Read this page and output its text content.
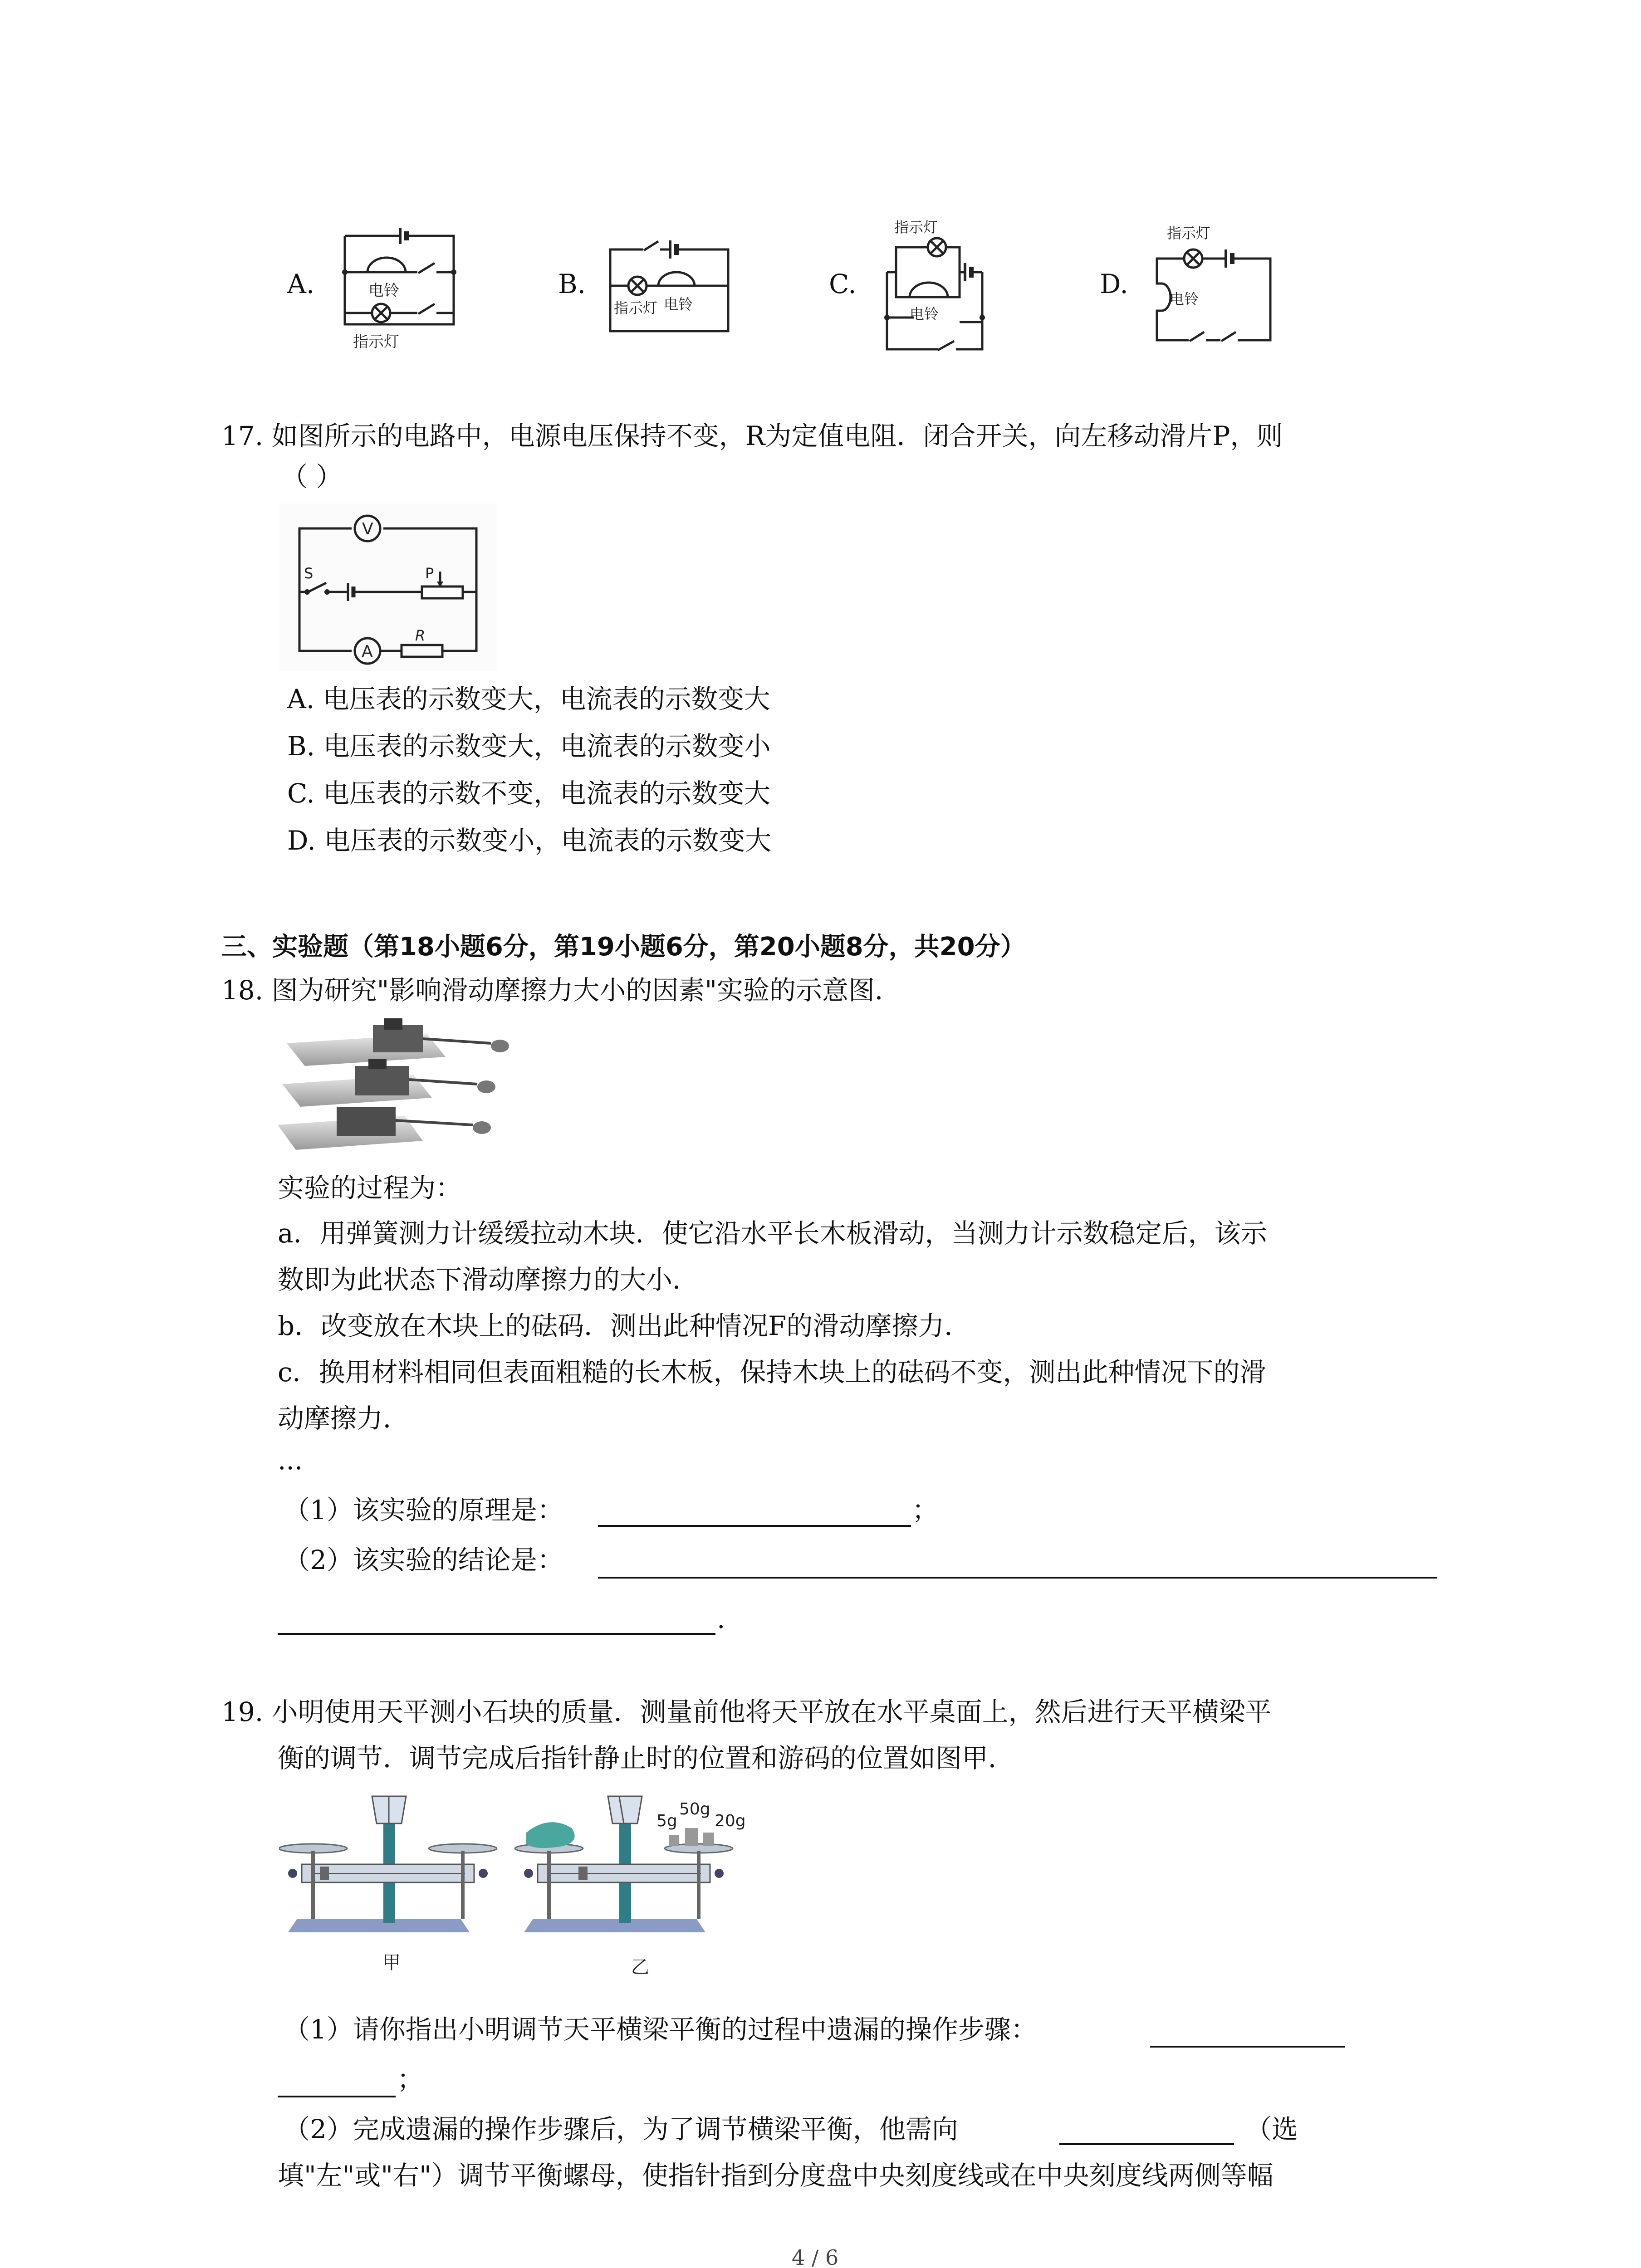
A.	电铃
指示灯
B.
指示灯 电铃
C.
指示灯
电铃
D.
指示灯
电铃
17. 如图所示的电路中，电源电压保持不变，R为定值电阻．闭合开关，向左移动滑片P，则
（ ）
V
A
R
S	P
A. 电压表的示数变大，电流表的示数变大
B. 电压表的示数变大，电流表的示数变小
C. 电压表的示数不变，电流表的示数变大
D. 电压表的示数变小，电流表的示数变大
三、实验题（第18小题6分，第19小题6分，第20小题8分，共20分）
18. 图为研究"影响滑动摩擦力大小的因素"实验的示意图．
实验的过程为：
a．用弹簧测力计缓缓拉动木块．使它沿水平长木板滑动，当测力计示数稳定后，该示
数即为此状态下滑动摩擦力的大小．
b．改变放在木块上的砝码．测出此种情况F的滑动摩擦力．
c．换用材料相同但表面粗糙的长木板，保持木块上的砝码不变，测出此种情况下的滑
动摩擦力．
...
（1）该实验的原理是：	；
（2）该实验的结论是：
.
19. 小明使用天平测小石块的质量．测量前他将天平放在水平桌面上，然后进行天平横梁平
衡的调节．调节完成后指针静止时的位置和游码的位置如图甲．
甲
5g
50g
20g
乙
（1）请你指出小明调节天平横梁平衡的过程中遗漏的操作步骤：
；
（2）完成遗漏的操作步骤后，为了调节横梁平衡，他需向	（选
填"左"或"右"）调节平衡螺母，使指针指到分度盘中央刻度线或在中央刻度线两侧等幅
4 / 6
